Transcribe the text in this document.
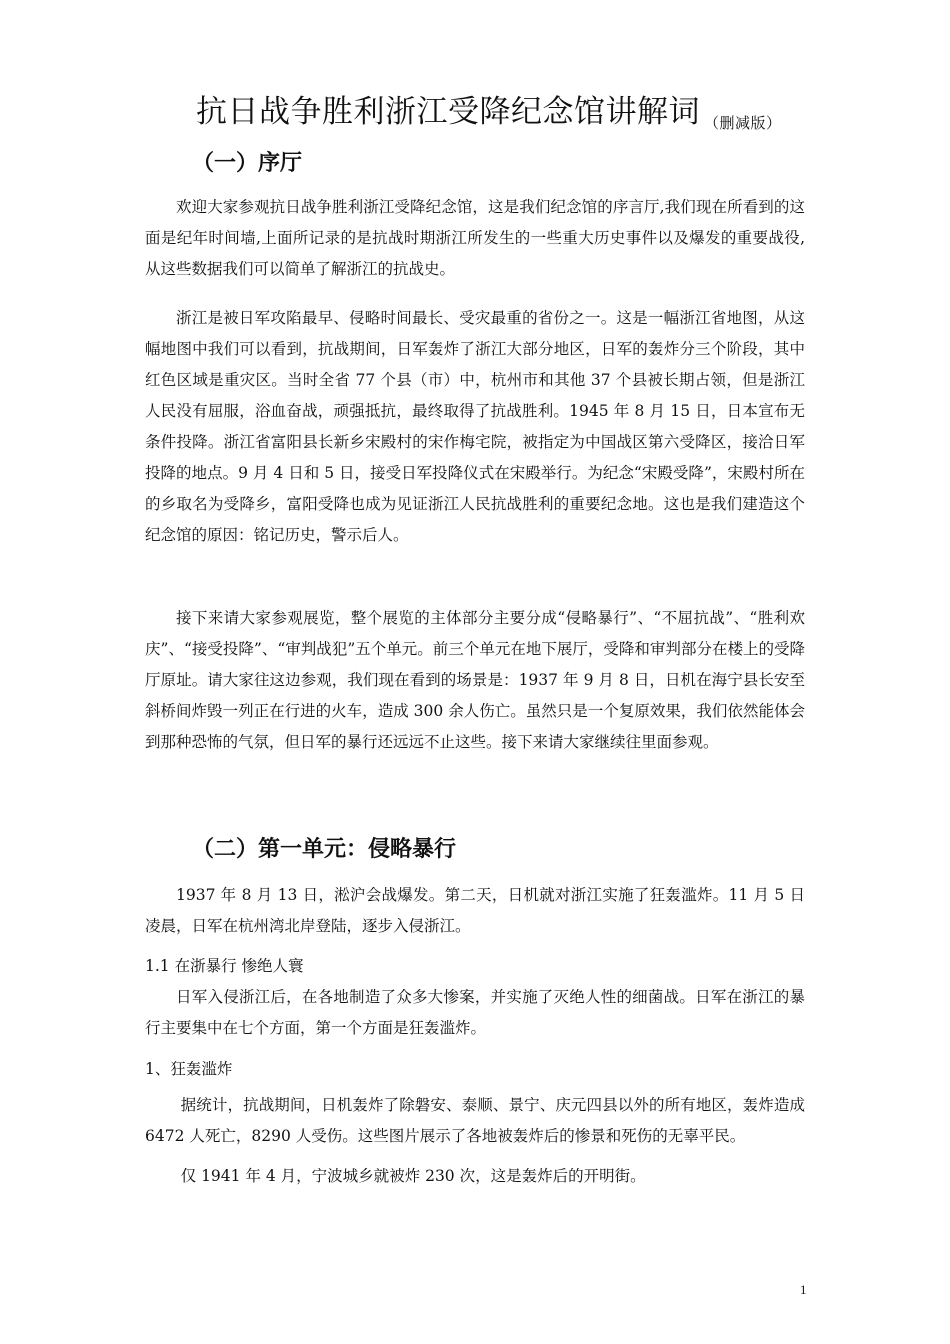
抗日战争胜利浙江受降纪念馆讲解词 （删减版）
（一）序厅

欢迎大家参观抗日战争胜利浙江受降纪念馆，这是我们纪念馆的序言厅,我们现在所看到的这面是纪年时间墙,上面所记录的是抗战时期浙江所发生的一些重大历史事件以及爆发的重要战役,从这些数据我们可以简单了解浙江的抗战史。

浙江是被日军攻陷最早、侵略时间最长、受灾最重的省份之一。这是一幅浙江省地图，从这幅地图中我们可以看到，抗战期间，日军轰炸了浙江大部分地区，日军的轰炸分三个阶段，其中红色区域是重灾区。当时全省 77 个县（市）中，杭州市和其他 37 个县被长期占领，但是浙江人民没有屈服，浴血奋战，顽强抵抗，最终取得了抗战胜利。1945 年 8 月 15 日，日本宣布无条件投降。浙江省富阳县长新乡宋殿村的宋作梅宅院，被指定为中国战区第六受降区，接洽日军投降的地点。9 月 4 日和 5 日，接受日军投降仪式在宋殿举行。为纪念“宋殿受降”，宋殿村所在的乡取名为受降乡，富阳受降也成为见证浙江人民抗战胜利的重要纪念地。这也是我们建造这个纪念馆的原因：铭记历史，警示后人。

接下来请大家参观展览，整个展览的主体部分主要分成“侵略暴行”、“不屈抗战”、“胜利欢庆”、“接受投降”、“审判战犯”五个单元。前三个单元在地下展厅，受降和审判部分在楼上的受降厅原址。请大家往这边参观，我们现在看到的场景是：1937 年 9 月 8 日，日机在海宁县长安至斜桥间炸毁一列正在行进的火车，造成 300 余人伤亡。虽然只是一个复原效果，我们依然能体会到那种恐怖的气氛，但日军的暴行还远远不止这些。接下来请大家继续往里面参观。

（二）第一单元：侵略暴行

1937 年 8 月 13 日，淞沪会战爆发。第二天，日机就对浙江实施了狂轰滥炸。11 月 5 日凌晨，日军在杭州湾北岸登陆，逐步入侵浙江。

1.1 在浙暴行 惨绝人寰

日军入侵浙江后，在各地制造了众多大惨案，并实施了灭绝人性的细菌战。日军在浙江的暴行主要集中在七个方面，第一个方面是狂轰滥炸。

1、狂轰滥炸

据统计，抗战期间，日机轰炸了除磐安、泰顺、景宁、庆元四县以外的所有地区，轰炸造成 6472 人死亡，8290 人受伤。这些图片展示了各地被轰炸后的惨景和死伤的无辜平民。

仅 1941 年 4 月，宁波城乡就被炸 230 次，这是轰炸后的开明街。

1
